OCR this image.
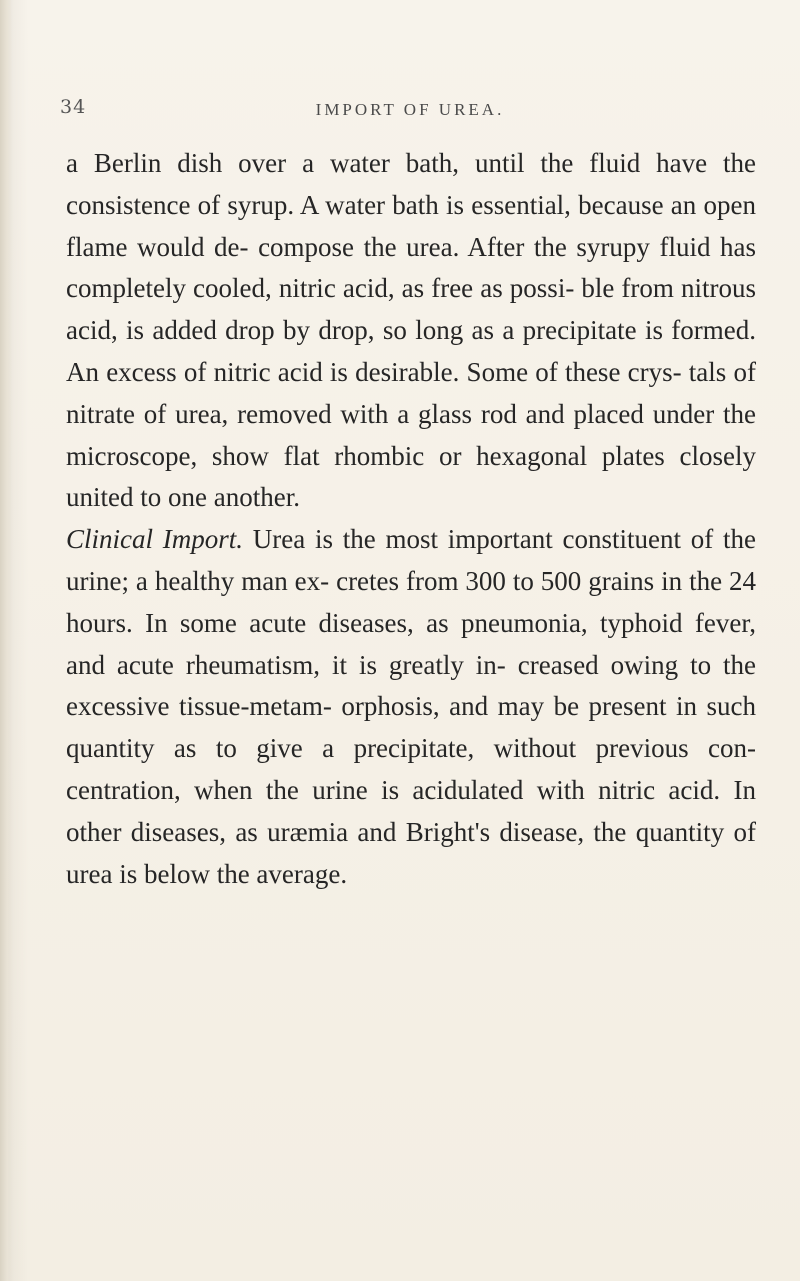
34	IMPORT OF UREA.

a Berlin dish over a water bath, until the fluid have the consistence of syrup. A water bath is essential, because an open flame would de- compose the urea. After the syrupy fluid has completely cooled, nitric acid, as free as possi- ble from nitrous acid, is added drop by drop, so long as a precipitate is formed. An excess of nitric acid is desirable. Some of these crys- tals of nitrate of urea, removed with a glass rod and placed under the microscope, show flat rhombic or hexagonal plates closely united to one another.

Clinical Import. Urea is the most important constituent of the urine; a healthy man ex- cretes from 300 to 500 grains in the 24 hours. In some acute diseases, as pneumonia, typhoid fever, and acute rheumatism, it is greatly in- creased owing to the excessive tissue-metam- orphosis, and may be present in such quantity as to give a precipitate, without previous con- centration, when the urine is acidulated with nitric acid. In other diseases, as uræmia and Bright's disease, the quantity of urea is below the average.
